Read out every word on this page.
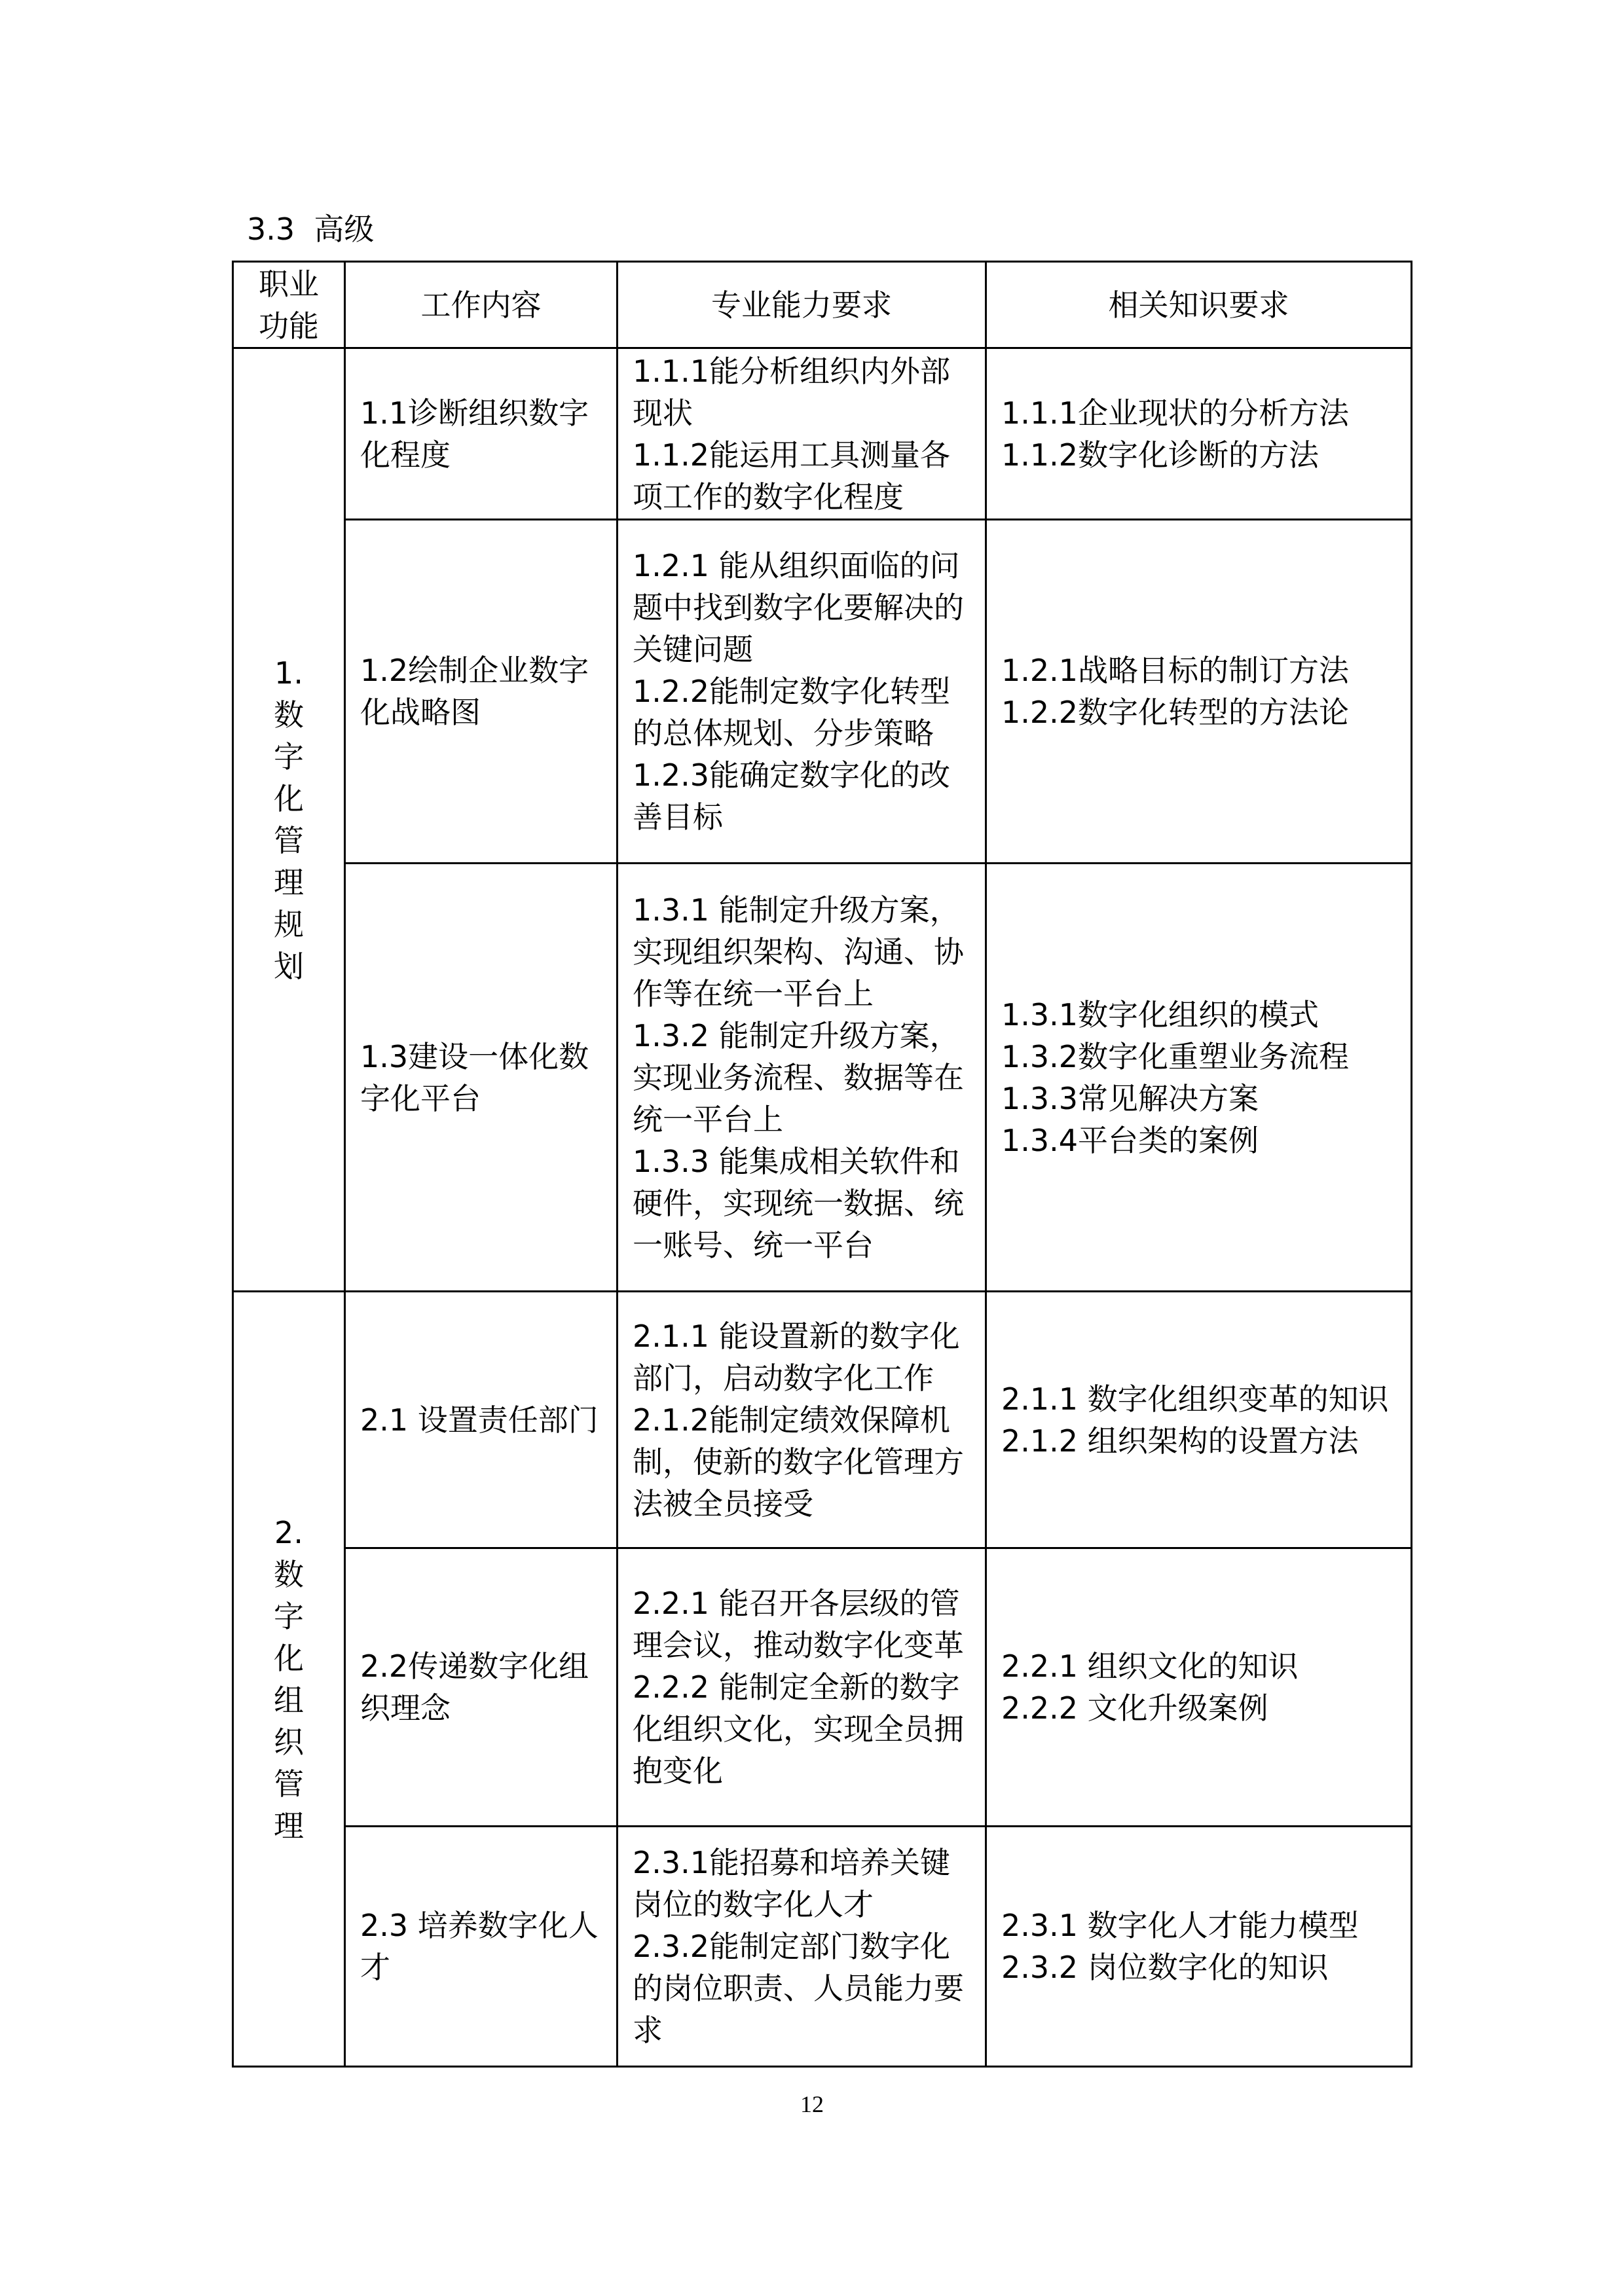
3.3  高级
职业
功能	工作内容	专业能力要求	相关知识要求

1.
数字化管理规划	1.1诊断组织数字化程度	1.1.1能分析组织内外部现状
1.1.2能运用工具测量各项工作的数字化程度	1.1.1企业现状的分析方法
1.1.2数字化诊断的方法

	1.2绘制企业数字化战略图	1.2.1 能从组织面临的问题中找到数字化要解决的关键问题
1.2.2能制定数字化转型的总体规划、分步策略
1.2.3能确定数字化的改善目标	1.2.1战略目标的制订方法
1.2.2数字化转型的方法论

	1.3建设一体化数字化平台	1.3.1 能制定升级方案，实现组织架构、沟通、协作等在统一平台上
1.3.2 能制定升级方案，实现业务流程、数据等在统一平台上
1.3.3 能集成相关软件和硬件，实现统一数据、统一账号、统一平台	1.3.1数字化组织的模式
1.3.2数字化重塑业务流程
1.3.3常见解决方案
1.3.4平台类的案例

2.
数字化组织管理	2.1 设置责任部门	2.1.1 能设置新的数字化部门，启动数字化工作
2.1.2能制定绩效保障机制，使新的数字化管理方法被全员接受	2.1.1 数字化组织变革的知识
2.1.2 组织架构的设置方法

	2.2传递数字化组织理念	2.2.1 能召开各层级的管理会议，推动数字化变革
2.2.2 能制定全新的数字化组织文化，实现全员拥抱变化	2.2.1 组织文化的知识
2.2.2 文化升级案例

	2.3 培养数字化人才	2.3.1能招募和培养关键岗位的数字化人才
2.3.2能制定部门数字化的岗位职责、人员能力要求	2.3.1 数字化人才能力模型
2.3.2 岗位数字化的知识
12
